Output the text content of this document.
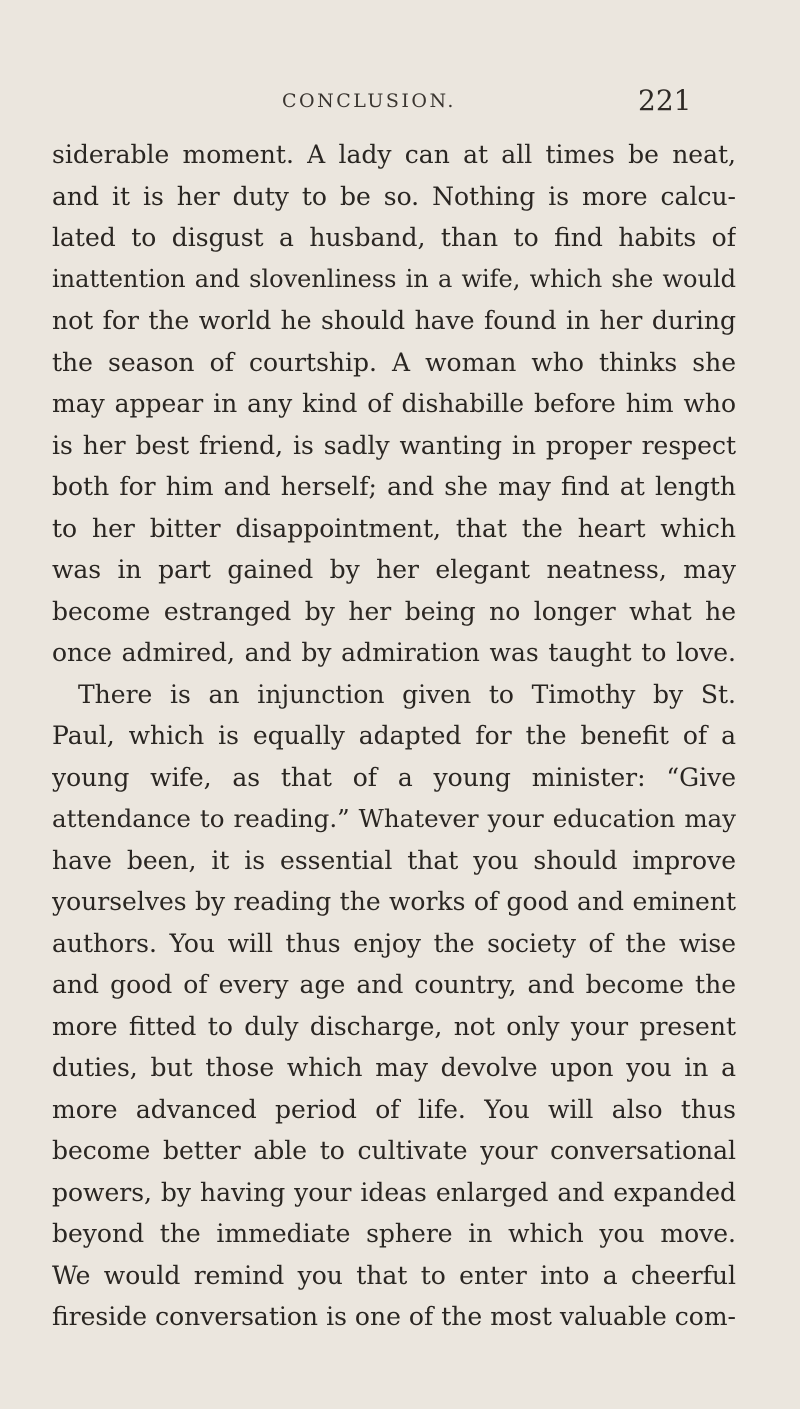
CONCLUSION.	221
siderable moment. A lady can at all times be neat,
and it is her duty to be so. Nothing is more calcu-
lated to disgust a husband, than to find habits of
inattention and slovenliness in a wife, which she would
not for the world he should have found in her during
the season of courtship. A woman who thinks she
may appear in any kind of dishabille before him who
is her best friend, is sadly wanting in proper respect
both for him and herself; and she may find at length
to her bitter disappointment, that the heart which
was in part gained by her elegant neatness, may
become estranged by her being no longer what he
once admired, and by admiration was taught to love.
There is an injunction given to Timothy by St.
Paul, which is equally adapted for the benefit of a
young wife, as that of a young minister: “Give
attendance to reading.” Whatever your education may
have been, it is essential that you should improve
yourselves by reading the works of good and eminent
authors. You will thus enjoy the society of the wise
and good of every age and country, and become the
more fitted to duly discharge, not only your present
duties, but those which may devolve upon you in a
more advanced period of life. You will also thus
become better able to cultivate your conversational
powers, by having your ideas enlarged and expanded
beyond the immediate sphere in which you move.
We would remind you that to enter into a cheerful
fireside conversation is one of the most valuable com-
